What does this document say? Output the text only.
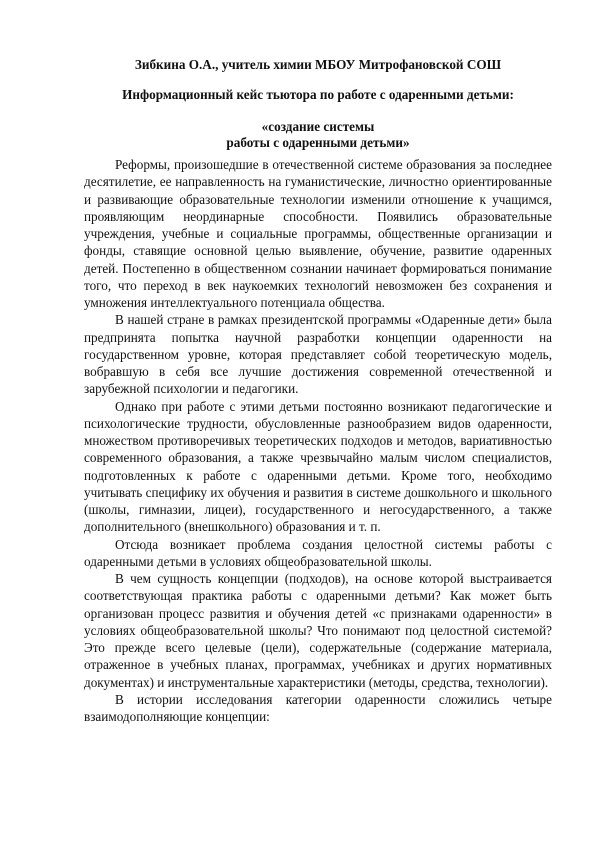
Зибкина О.А., учитель химии МБОУ Митрофановской СОШ
Информационный кейс тьютора по работе с одаренными детьми:
«создание системы
работы с одаренными детьми»

Реформы, произошедшие в отечественной системе образования за последнее десятилетие, ее направленность на гуманистические, личностно ориентированные и развивающие образовательные технологии изменили отношение к учащимся, проявляющим неординарные способности. Появились образовательные учреждения, учебные и социальные программы, общественные организации и фонды, ставящие основной целью выявление, обучение, развитие одаренных детей. Постепенно в общественном сознании начинает формироваться понимание того, что переход в век наукоемких технологий невозможен без сохранения и умножения интеллектуального потенциала общества.

В нашей стране в рамках президентской программы «Одаренные дети» была предпринята попытка научной разработки концепции одаренности на государственном уровне, которая представляет собой теоретическую модель, вобравшую в себя все лучшие достижения современной отечественной и зарубежной психологии и педагогики.

Однако при работе с этими детьми постоянно возникают педагогические и психологические трудности, обусловленные разнообразием видов одаренности, множеством противоречивых теоретических подходов и методов, вариативностью современного образования, а также чрезвычайно малым числом специалистов, подготовленных к работе с одаренными детьми. Кроме того, необходимо учитывать специфику их обучения и развития в системе дошкольного и школьного (школы, гимназии, лицеи), государственного и негосударственного, а также дополнительного (внешкольного) образования и т. п.

Отсюда возникает проблема создания целостной системы работы с одаренными детьми в условиях общеобразовательной школы.

В чем сущность концепции (подходов), на основе которой выстраивается соответствующая практика работы с одаренными детьми? Как может быть организован процесс развития и обучения детей «с признаками одаренности» в условиях общеобразовательной школы? Что понимают под целостной системой? Это прежде всего целевые (цели), содержательные (содержание материала, отраженное в учебных планах, программах, учебниках и других нормативных документах) и инструментальные характеристики (методы, средства, технологии).

В истории исследования категории одаренности сложились четыре взаимодополняющие концепции:
